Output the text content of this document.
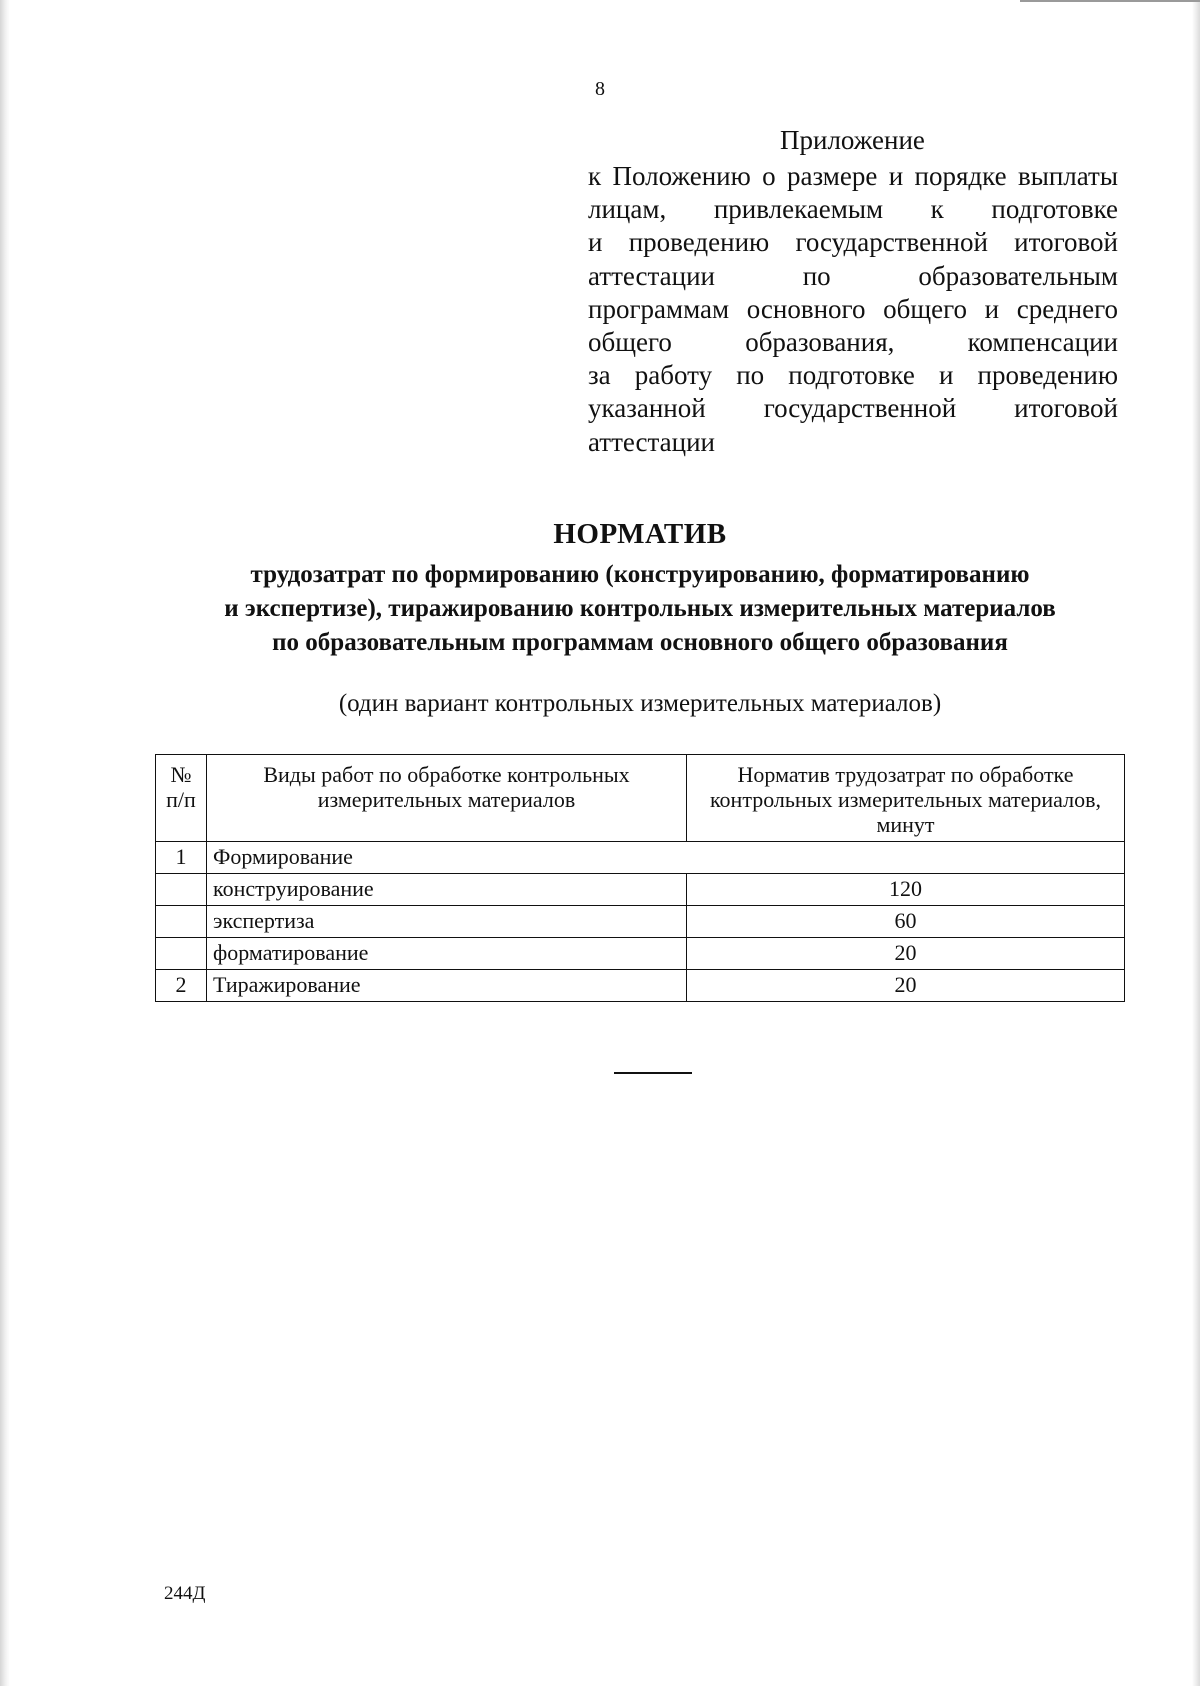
8
Приложение
к Положению о размере и порядке выплаты
лицам, привлекаемым к подготовке
и проведению государственной итоговой
аттестации по образовательным
программам основного общего и среднего
общего образования, компенсации
за работу по подготовке и проведению
указанной государственной итоговой
аттестации
НОРМАТИВ
трудозатрат по формированию (конструированию, форматированию
и экспертизе), тиражированию контрольных измерительных материалов
по образовательным программам основного общего образования
(один вариант контрольных измерительных материалов)
№ п/п	Виды работ по обработке контрольных измерительных материалов	Норматив трудозатрат по обработке контрольных измерительных материалов, минут
1	Формирование	
	конструирование	120
	экспертиза	60
	форматирование	20
2	Тиражирование	20
244Д
